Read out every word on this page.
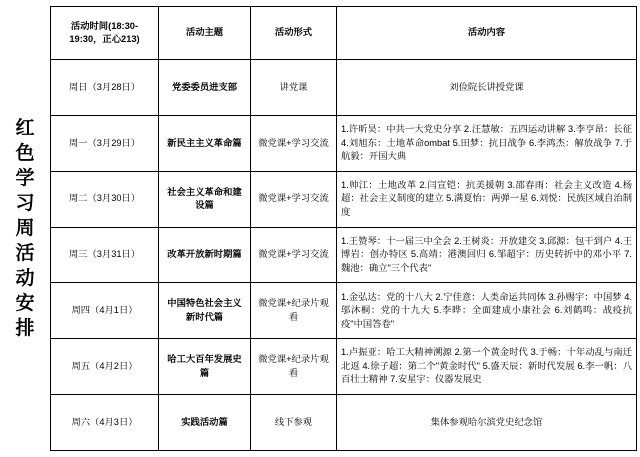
红色学习周活动安排
活动时间(18:30-19:30，正心213)	活动主题	活动形式	活动内容
周日（3月28日）	党委委员进支部	讲党课	刘俭院长讲授党课
周一（3月29日）	新民主主义革命篇	微党课+学习交流	1.许昕昊：中共一大党史分享 2.汪慧敏：五四运动讲解 3.李亨昂：长征4.刘旭东：土地革命ombat 5.田梦：抗日战争 6.李鸿杰：解放战争 7.于航毅：开国大典
周二（3月30日）	社会主义革命和建设篇	微党课+学习交流	1.帅江：土地改革 2.闫宣铠：抗美援朝 3.邵春雨：社会主义改造 4.杨超：社会主义制度的建立 5.满夏怡：两弹一星 6.刘悦：民族区域自治制度
周三（3月31日）	改革开放新时期篇	微党课+学习交流	1.王赞琴：十一届三中全会 2.王树炎：开放建交 3.邱源：包干到户 4.王博岩：创办特区 5.高靖：港澳回归 6.邹超宇：历史转折中的邓小平 7.魏池：确立"三个代表"
周四（4月1日）	中国特色社会主义新时代篇	微党课+纪录片观看	1.金弘达：党的十八大 2.宁佳意：人类命运共同体 3.孙赐宇：中国梦 4.邬沐桐：党的十九大 5.李晔：全面建成小康社会 6.刘鹤鸣：战疫抗疫"中国答卷"
周五（4月2日）	哈工大百年发展史篇	微党课+纪录片观看	1.卢振亚：哈工大精神溯源 2.第一个黄金时代 3.于畅：十年动乱与南迁北返 4.徐子超：第二个"黄金时代" 5.盛天辰：新时代发展 6.李一帆：八百壮士精神 7.安星宇：仪器发展史
周六（4月3日）	实践活动篇	线下参观	集体参观哈尔滨党史纪念馆
